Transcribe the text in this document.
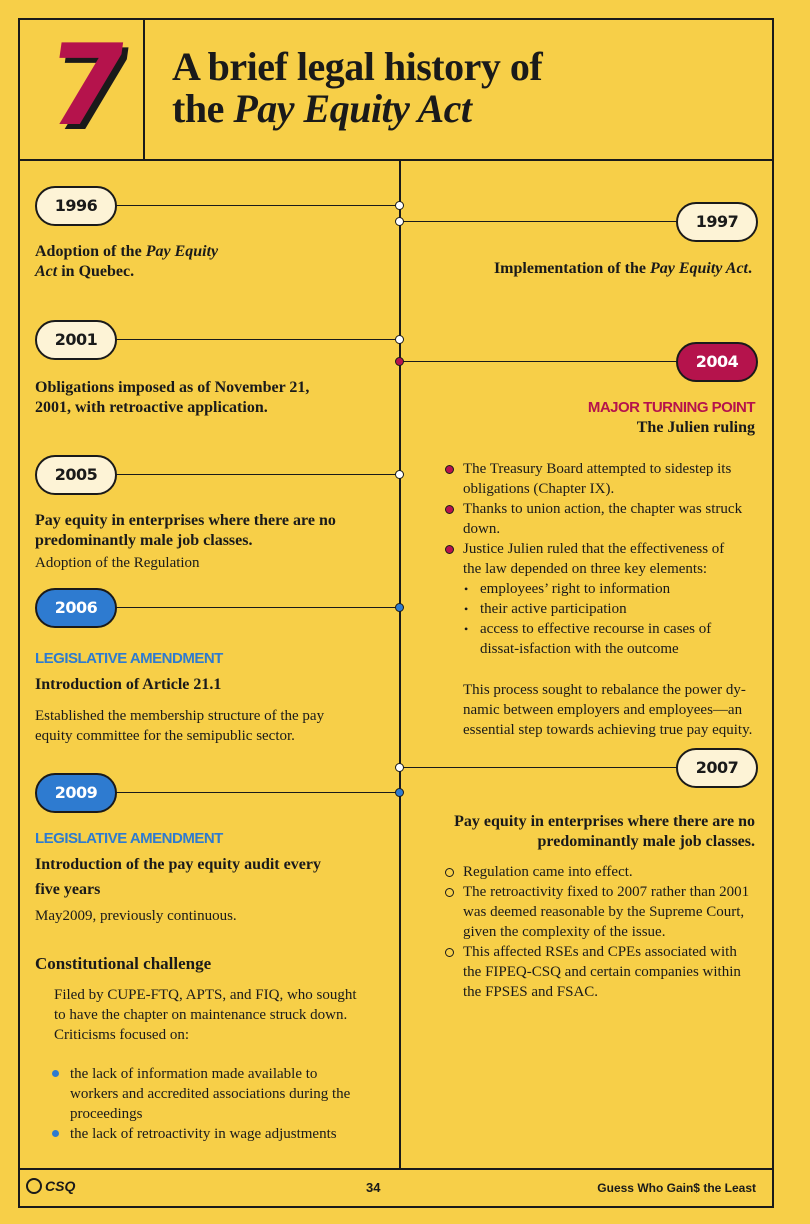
7 A brief legal history of
the Pay Equity Act
1996
1997
2001
2004
2005
2006
2007
2009
Adoption of the Pay Equity
Act in Quebec.	Implementation of the Pay Equity Act.
Obligations imposed as of November 21,
2001, with retroactive application.	MAJOR TURNING POINT
The Julien ruling
The Treasury Board attempted to sidestep its obligations (Chapter IX).
Thanks to union action, the chapter was struck down.
Justice Julien ruled that the effectiveness of the law depended on three key elements:
• employees’ right to information
• their active participation
• access to effective recourse in cases of dissat-isfaction with the outcome
This process sought to rebalance the power dy-namic between employers and employees—an essential step towards achieving true pay equity.
Pay equity in enterprises where there are no predominantly male job classes.
Adoption of the Regulation
LEGISLATIVE AMENDMENT
Introduction of Article 21.1
Established the membership structure of the pay equity committee for the semipublic sector.
Pay equity in enterprises where there are no predominantly male job classes.
Regulation came into effect.
The retroactivity fixed to 2007 rather than 2001 was deemed reasonable by the Supreme Court, given the complexity of the issue.
This affected RSEs and CPEs associated with the FIPEQ-CSQ and certain companies within the FPSES and FSAC.
LEGISLATIVE AMENDMENT
Introduction of the pay equity audit every five years
May2009, previously continuous.
Constitutional challenge
Filed by CUPE-FTQ, APTS, and FIQ, who sought to have the chapter on maintenance struck down. Criticisms focused on:
the lack of information made available to workers and accredited associations during the proceedings
the lack of retroactivity in wage adjustments
CSQ	34	Guess Who Gain$ the Least
